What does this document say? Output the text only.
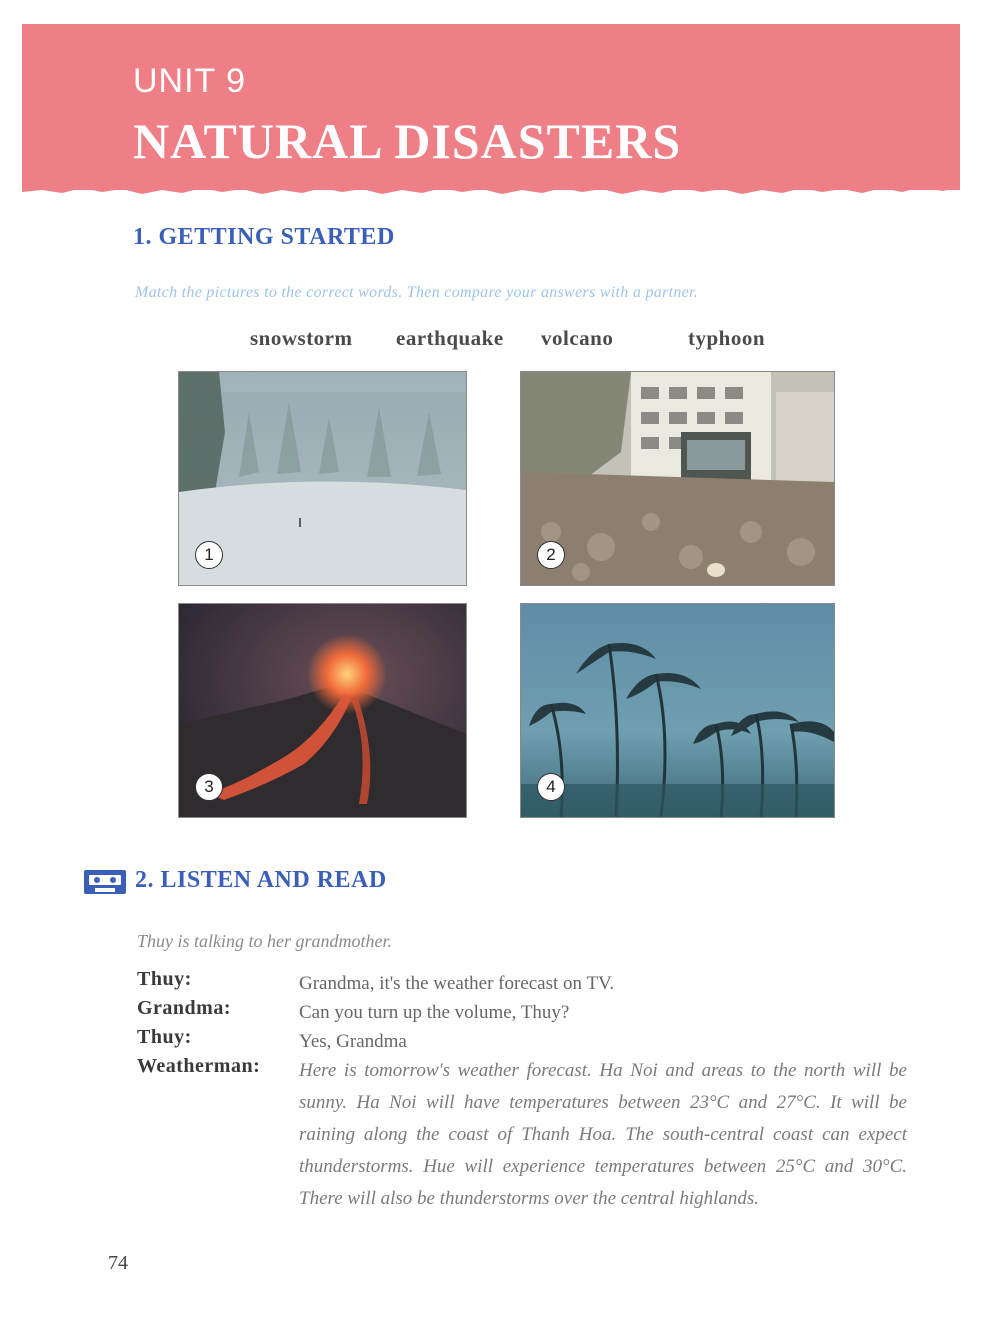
UNIT 9
NATURAL DISASTERS
1. GETTING STARTED
Match the pictures to the correct words. Then compare your answers with a partner.
snowstorm earthquake volcano	typhoon
1	2
3	4
2. LISTEN AND READ
Thuy is talking to her grandmother.
Thuy:	Grandma, it's the weather forecast on TV.
Grandma:	Can you turn up the volume, Thuy?
Thuy:	Yes, Grandma
Weatherman: Here is tomorrow's weather forecast. Ha Noi and areas to the north will be sunny. Ha Noi will have temperatures between 23°C and 27°C. It will be raining along the coast of Thanh Hoa. The south-central coast can expect thunderstorms. Hue will experience temperatures between 25°C and 30°C. There will also be thunderstorms over the central highlands.
74
